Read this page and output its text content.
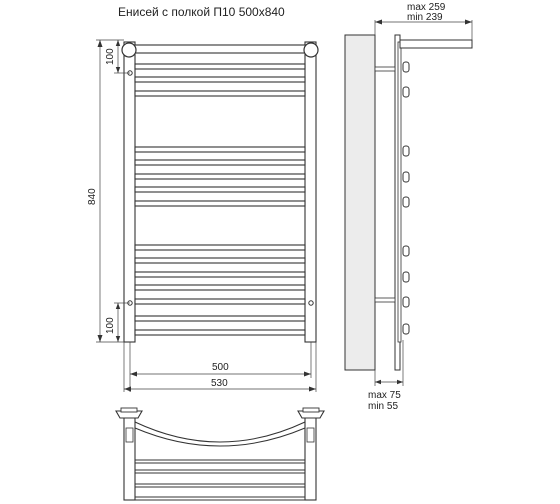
Енисей с полкой П10 500х840
100
840
100
500
530
max 259
min 239
max 75
min 55
